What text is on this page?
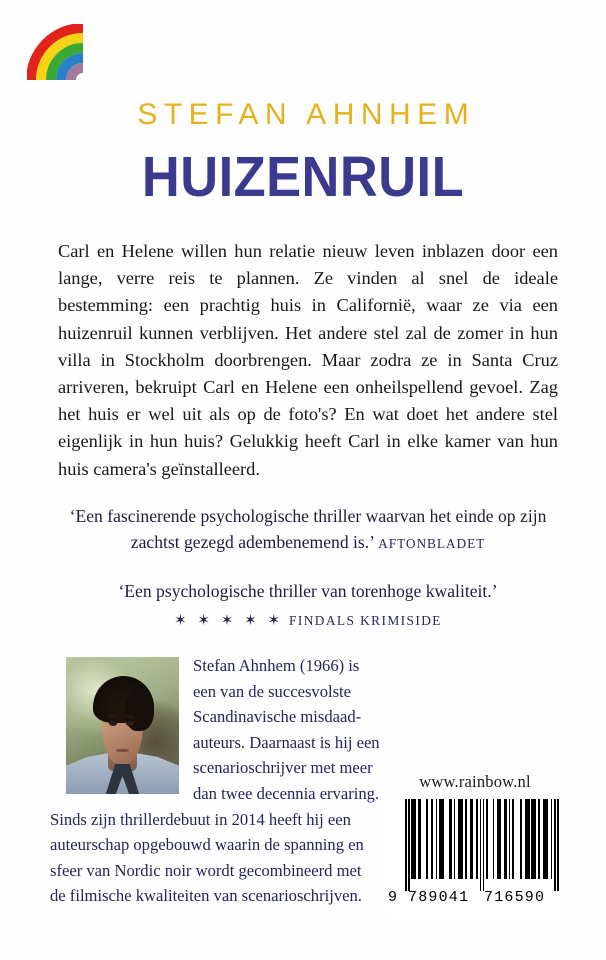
STEFAN AHNHEM
HUIZENRUIL
Carl en Helene willen hun relatie nieuw leven inblazen door een lange, verre reis te plannen. Ze vinden al snel de ideale bestemming: een prachtig huis in Californië, waar ze via een huizenruil kunnen verblijven. Het andere stel zal de zomer in hun villa in Stockholm doorbrengen. Maar zodra ze in Santa Cruz arriveren, bekruipt Carl en Helene een onheilspellend gevoel. Zag het huis er wel uit als op de foto's? En wat doet het andere stel eigenlijk in hun huis? Gelukkig heeft Carl in elke kamer van hun huis camera's geïnstalleerd.
‘Een fascinerende psychologische thriller waarvan het einde op zijn zachtst gezegd adembenemend is.’ AFTONBLADET
‘Een psychologische thriller van torenhoge kwaliteit.’
✶ ✶ ✶ ✶ ✶ FINDALS KRIMISIDE
Stefan Ahnhem (1966) is een van de succesvolste Scandinavische misdaad-auteurs. Daarnaast is hij een scenarioschrijver met meer dan twee decennia ervaring. Sinds zijn thrillerdebuut in 2014 heeft hij een auteurschap opgebouwd waarin de spanning en sfeer van Nordic noir wordt gecombineerd met de filmische kwaliteiten van scenarioschrijven.
www.rainbow.nl
9 789041 716590
